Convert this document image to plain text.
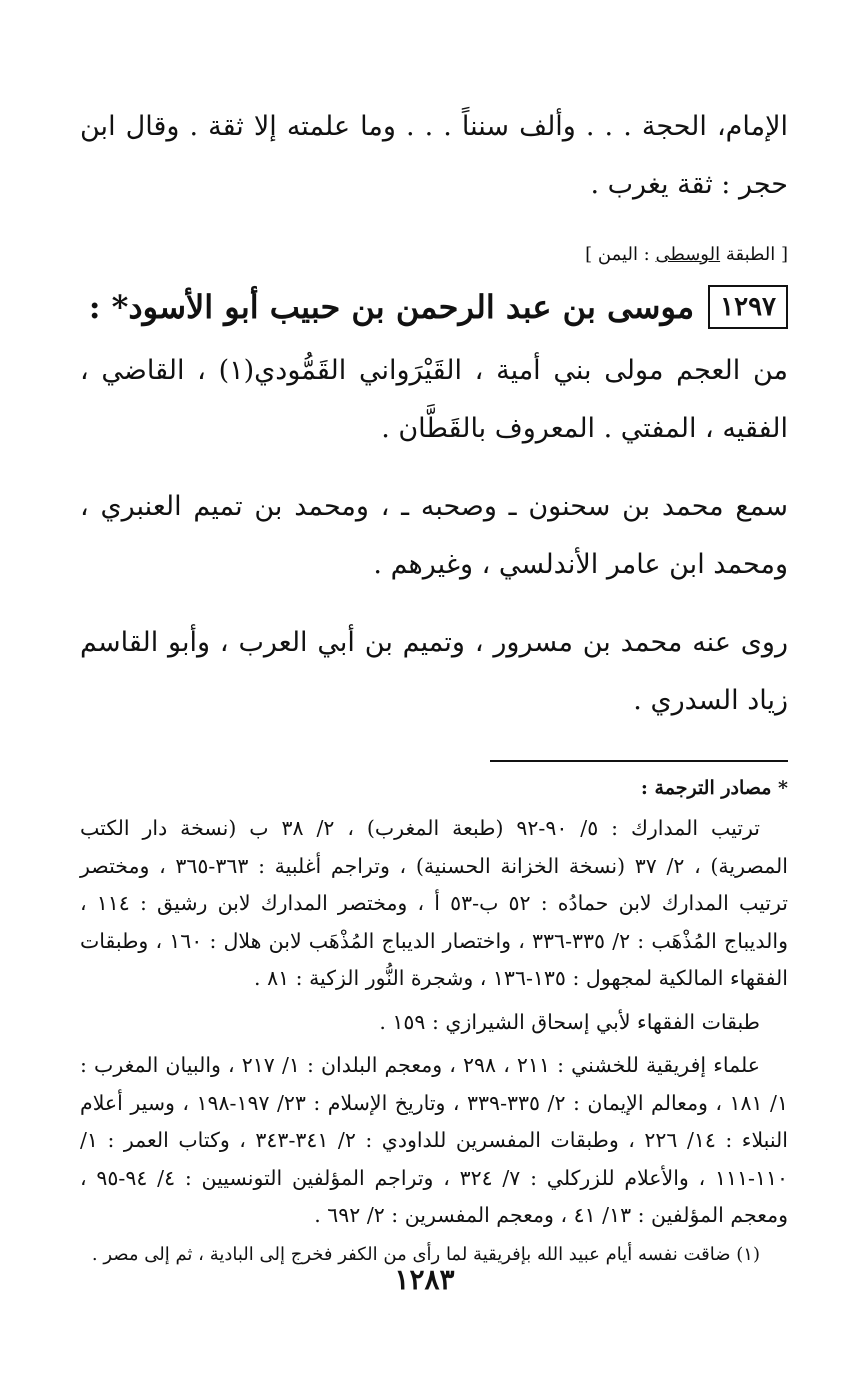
الإمام، الحجة . . . وألف سنناً . . . وما علمته إلا ثقة . وقال ابن حجر : ثقة يغرب .

[ الطبقة الوسطى : اليمن ]

١٢٩٧
موسى بن عبد الرحمن بن حبيب أبو الأسود* :

من العجم مولى بني أمية ، القَيْرَواني القَمُّودي(١) ، القاضي ، الفقيه ، المفتي . المعروف بالقَطَّان .

سمع محمد بن سحنون ـ وصحبه ـ ، ومحمد بن تميم العنبري ، ومحمد ابن عامر الأندلسي ، وغيرهم .

روى عنه محمد بن مسرور ، وتميم بن أبي العرب ، وأبو القاسم زياد السدري .

* مصادر الترجمة :

ترتيب المدارك : ٥/ ٩٠-٩٢ (طبعة المغرب) ، ٢/ ٣٨ ب (نسخة دار الكتب المصرية) ، ٢/ ٣٧ (نسخة الخزانة الحسنية) ، وتراجم أغلبية : ٣٦٣-٣٦٥ ، ومختصر ترتيب المدارك لابن حمادُه : ٥٢ ب-٥٣ أ ، ومختصر المدارك لابن رشيق : ١١٤ ، والديباج المُذْهَب : ٢/ ٣٣٥-٣٣٦ ، واختصار الديباج المُذْهَب لابن هلال : ١٦٠ ، وطبقات الفقهاء المالكية لمجهول : ١٣٥-١٣٦ ، وشجرة النُّور الزكية : ٨١ .

طبقات الفقهاء لأبي إسحاق الشيرازي : ١٥٩ .

علماء إفريقية للخشني : ٢١١ ، ٢٩٨ ، ومعجم البلدان : ١/ ٢١٧ ، والبيان المغرب : ١/ ١٨١ ، ومعالم الإيمان : ٢/ ٣٣٥-٣٣٩ ، وتاريخ الإسلام : ٢٣/ ١٩٧-١٩٨ ، وسير أعلام النبلاء : ١٤/ ٢٢٦ ، وطبقات المفسرين للداودي : ٢/ ٣٤١-٣٤٣ ، وكتاب العمر : ١/ ١١٠-١١١ ، والأعلام للزركلي : ٧/ ٣٢٤ ، وتراجم المؤلفين التونسيين : ٤/ ٩٤-٩٥ ، ومعجم المؤلفين : ١٣/ ٤١ ، ومعجم المفسرين : ٢/ ٦٩٢ .

(١) ضاقت نفسه أيام عبيد الله بإفريقية لما رأى من الكفر فخرج إلى البادية ، ثم إلى مصر .

١٢٨٣
